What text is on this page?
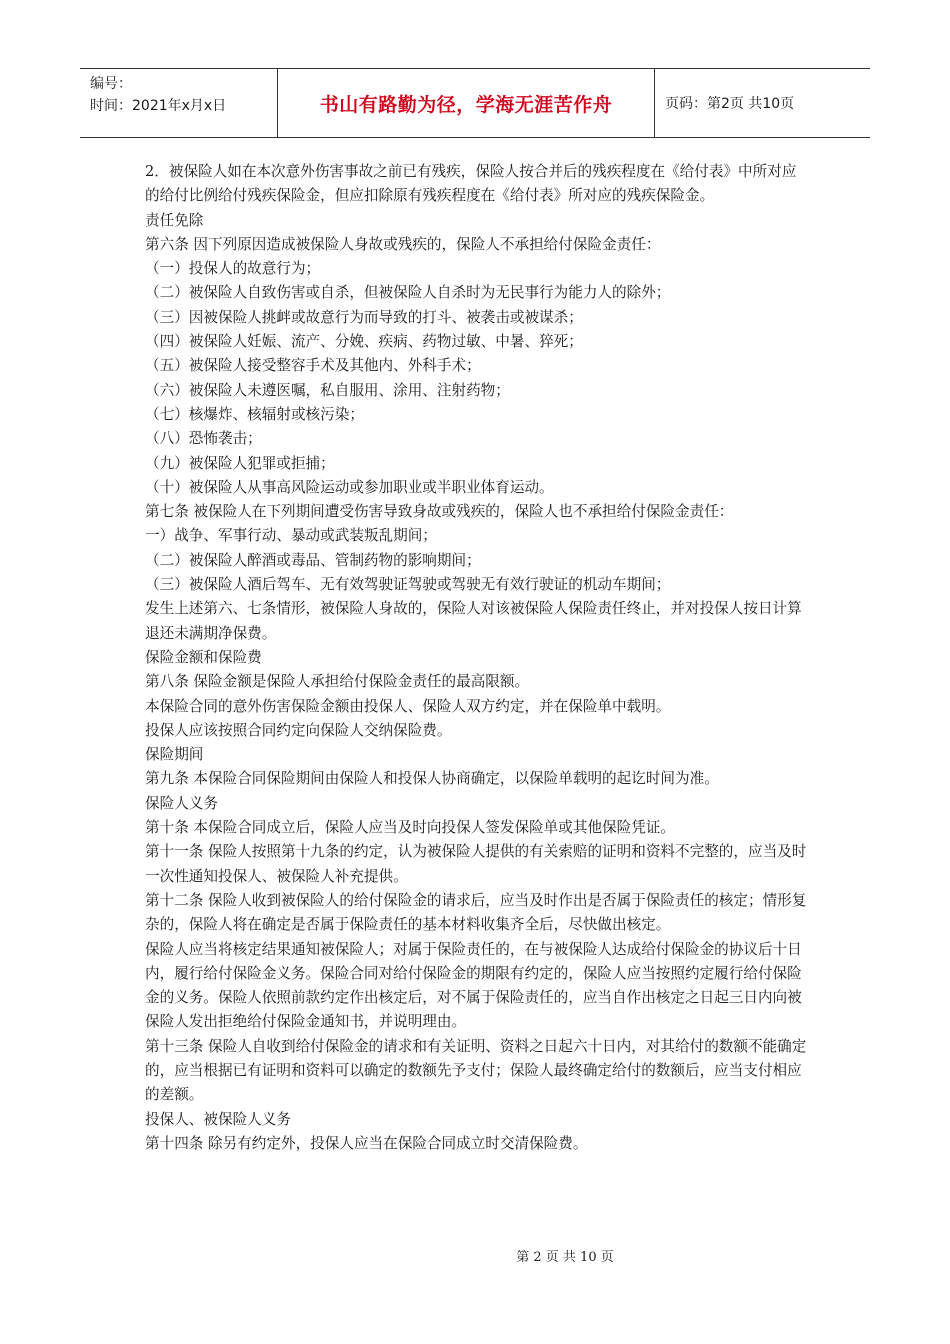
编号：
时间：2021年x月x日	书山有路勤为径，学海无涯苦作舟	页码：第2页 共10页

2．被保险人如在本次意外伤害事故之前已有残疾，保险人按合并后的残疾程度在《给付表》中所对应的给付比例给付残疾保险金，但应扣除原有残疾程度在《给付表》所对应的残疾保险金。

责任免除

第六条 因下列原因造成被保险人身故或残疾的，保险人不承担给付保险金责任：

（一）投保人的故意行为；

（二）被保险人自致伤害或自杀，但被保险人自杀时为无民事行为能力人的除外；

（三）因被保险人挑衅或故意行为而导致的打斗、被袭击或被谋杀；

（四）被保险人妊娠、流产、分娩、疾病、药物过敏、中暑、猝死；

（五）被保险人接受整容手术及其他内、外科手术；

（六）被保险人未遵医嘱，私自服用、涂用、注射药物；

（七）核爆炸、核辐射或核污染；

（八）恐怖袭击；

（九）被保险人犯罪或拒捕；

（十）被保险人从事高风险运动或参加职业或半职业体育运动。

第七条 被保险人在下列期间遭受伤害导致身故或残疾的，保险人也不承担给付保险金责任：

一）战争、军事行动、暴动或武装叛乱期间；

（二）被保险人醉酒或毒品、管制药物的影响期间；

（三）被保险人酒后驾车、无有效驾驶证驾驶或驾驶无有效行驶证的机动车期间；

发生上述第六、七条情形，被保险人身故的，保险人对该被保险人保险责任终止，并对投保人按日计算退还未满期净保费。

保险金额和保险费

第八条 保险金额是保险人承担给付保险金责任的最高限额。

本保险合同的意外伤害保险金额由投保人、保险人双方约定，并在保险单中载明。

投保人应该按照合同约定向保险人交纳保险费。

保险期间

第九条 本保险合同保险期间由保险人和投保人协商确定，以保险单载明的起讫时间为准。

保险人义务

第十条 本保险合同成立后，保险人应当及时向投保人签发保险单或其他保险凭证。

第十一条 保险人按照第十九条的约定，认为被保险人提供的有关索赔的证明和资料不完整的，应当及时一次性通知投保人、被保险人补充提供。

第十二条 保险人收到被保险人的给付保险金的请求后，应当及时作出是否属于保险责任的核定；情形复杂的，保险人将在确定是否属于保险责任的基本材料收集齐全后，尽快做出核定。

保险人应当将核定结果通知被保险人；对属于保险责任的，在与被保险人达成给付保险金的协议后十日内，履行给付保险金义务。保险合同对给付保险金的期限有约定的，保险人应当按照约定履行给付保险金的义务。保险人依照前款约定作出核定后，对不属于保险责任的，应当自作出核定之日起三日内向被保险人发出拒绝给付保险金通知书，并说明理由。

第十三条 保险人自收到给付保险金的请求和有关证明、资料之日起六十日内，对其给付的数额不能确定的，应当根据已有证明和资料可以确定的数额先予支付；保险人最终确定给付的数额后，应当支付相应的差额。

投保人、被保险人义务

第十四条 除另有约定外，投保人应当在保险合同成立时交清保险费。

第 2 页 共 10 页
